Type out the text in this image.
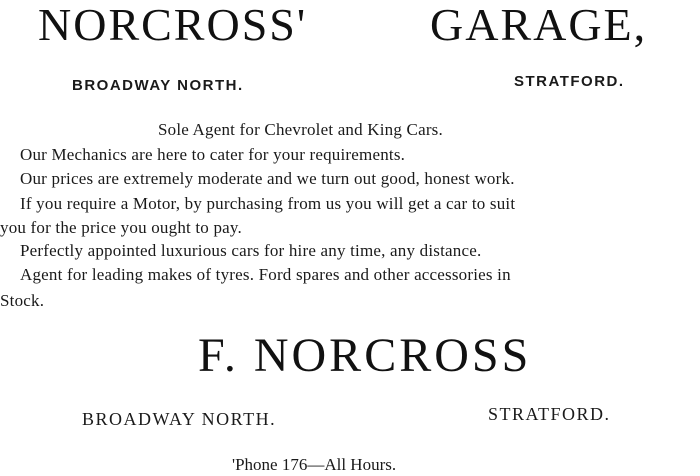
NORCROSS'	GARAGE,
BROADWAY NORTH.	STRATFORD.
Sole Agent for Chevrolet and King Cars.
Our Mechanics are here to cater for your requirements.
Our prices are extremely moderate and we turn out good, honest work.
If you require a Motor, by purchasing from us you will get a car to suit
you for the price you ought to pay.
Perfectly appointed luxurious cars for hire any time, any distance.
Agent for leading makes of tyres. Ford spares and other accessories in
Stock.
F. NORCROSS
BROADWAY NORTH.	STRATFORD.
'Phone 176—All Hours.
